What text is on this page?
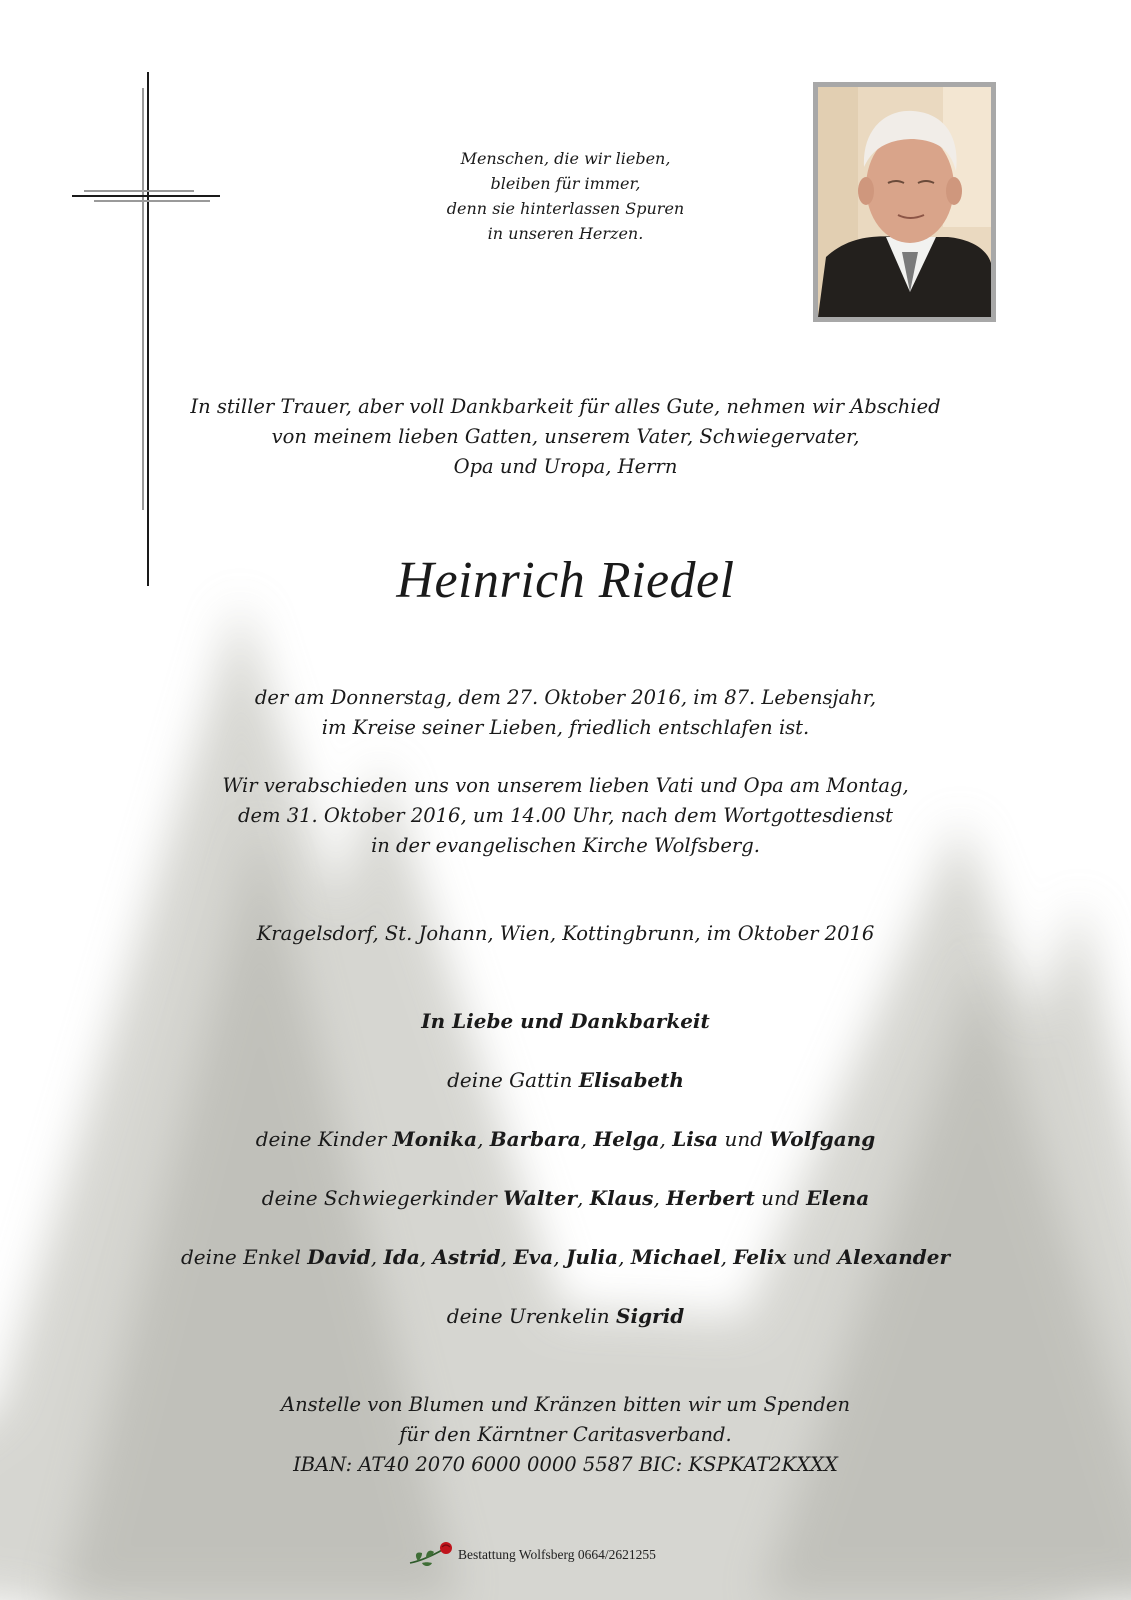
Menschen, die wir lieben,
bleiben für immer,
denn sie hinterlassen Spuren
in unseren Herzen.
In stiller Trauer, aber voll Dankbarkeit für alles Gute, nehmen wir Abschied
von meinem lieben Gatten, unserem Vater, Schwiegervater,
Opa und Uropa, Herrn
Heinrich Riedel
der am Donnerstag, dem 27. Oktober 2016, im 87. Lebensjahr,
im Kreise seiner Lieben, friedlich entschlafen ist.
Wir verabschieden uns von unserem lieben Vati und Opa am Montag,
dem 31. Oktober 2016, um 14.00 Uhr, nach dem Wortgottesdienst
in der evangelischen Kirche Wolfsberg.
Kragelsdorf, St. Johann, Wien, Kottingbrunn, im Oktober 2016
In Liebe und Dankbarkeit
deine Gattin Elisabeth
deine Kinder Monika, Barbara, Helga, Lisa und Wolfgang
deine Schwiegerkinder Walter, Klaus, Herbert und Elena
deine Enkel David, Ida, Astrid, Eva, Julia, Michael, Felix und Alexander
deine Urenkelin Sigrid
Anstelle von Blumen und Kränzen bitten wir um Spenden
für den Kärntner Caritasverband.
IBAN: AT40 2070 6000 0000 5587 BIC: KSPKAT2KXXX
Bestattung Wolfsberg 0664/2621255
